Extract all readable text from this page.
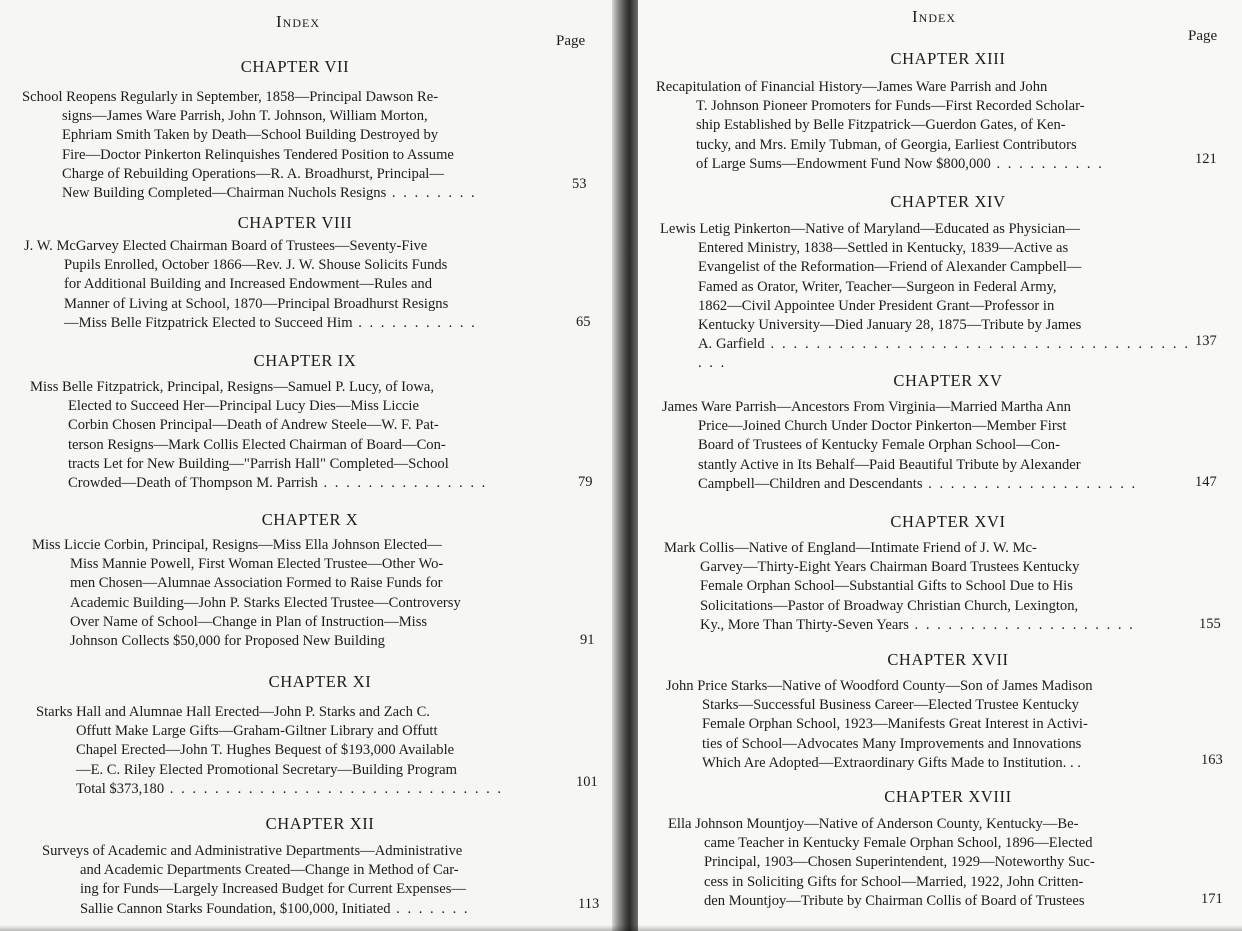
Index
Page
CHAPTER VII
School Reopens Regularly in September, 1858—Principal Dawson Re-
signs—James Ware Parrish, John T. Johnson, William Morton,
Ephriam Smith Taken by Death—School Building Destroyed by
Fire—Doctor Pinkerton Relinquishes Tendered Position to Assume
Charge of Rebuilding Operations—R. A. Broadhurst, Principal—
New Building Completed—Chairman Nuchols Resigns . . . . . . . .
53
CHAPTER VIII
J. W. McGarvey Elected Chairman Board of Trustees—Seventy-Five
Pupils Enrolled, October 1866—Rev. J. W. Shouse Solicits Funds
for Additional Building and Increased Endowment—Rules and
Manner of Living at School, 1870—Principal Broadhurst Resigns
—Miss Belle Fitzpatrick Elected to Succeed Him . . . . . . . . . . .	65
CHAPTER IX
Miss Belle Fitzpatrick, Principal, Resigns—Samuel P. Lucy, of Iowa,
Elected to Succeed Her—Principal Lucy Dies—Miss Liccie
Corbin Chosen Principal—Death of Andrew Steele—W. F. Pat-
terson Resigns—Mark Collis Elected Chairman of Board—Con-
tracts Let for New Building—"Parrish Hall" Completed—School
Crowded—Death of Thompson M. Parrish . . . . . . . . . . . . . . .	79
CHAPTER X
Miss Liccie Corbin, Principal, Resigns—Miss Ella Johnson Elected—
Miss Mannie Powell, First Woman Elected Trustee—Other Wo-
men Chosen—Alumnae Association Formed to Raise Funds for
Academic Building—John P. Starks Elected Trustee—Controversy
Over Name of School—Change in Plan of Instruction—Miss
Johnson Collects $50,000 for Proposed New Building	91
CHAPTER XI
Starks Hall and Alumnae Hall Erected—John P. Starks and Zach C.
Offutt Make Large Gifts—Graham-Giltner Library and Offutt
Chapel Erected—John T. Hughes Bequest of $193,000 Available
—E. C. Riley Elected Promotional Secretary—Building Program
Total $373,180 . . . . . . . . . . . . . . . . . . . . . . . . . . . . . .	101
CHAPTER XII
Surveys of Academic and Administrative Departments—Administrative
and Academic Departments Created—Change in Method of Car-
ing for Funds—Largely Increased Budget for Current Expenses—
Sallie Cannon Starks Foundation, $100,000, Initiated . . . . . . .	113
Index
Page
CHAPTER XIII
Recapitulation of Financial History—James Ware Parrish and John
T. Johnson Pioneer Promoters for Funds—First Recorded Scholar-
ship Established by Belle Fitzpatrick—Guerdon Gates, of Ken-
tucky, and Mrs. Emily Tubman, of Georgia, Earliest Contributors
of Large Sums—Endowment Fund Now $800,000 . . . . . . . . . .	121
CHAPTER XIV
Lewis Letig Pinkerton—Native of Maryland—Educated as Physician—
Entered Ministry, 1838—Settled in Kentucky, 1839—Active as
Evangelist of the Reformation—Friend of Alexander Campbell—
Famed as Orator, Writer, Teacher—Surgeon in Federal Army,
1862—Civil Appointee Under President Grant—Professor in
Kentucky University—Died January 28, 1875—Tribute by James
A. Garfield . . . . . . . . . . . . . . . . . . . . . . . . . . . . . . . . . . . . . . . .
137
CHAPTER XV
James Ware Parrish—Ancestors From Virginia—Married Martha Ann
Price—Joined Church Under Doctor Pinkerton—Member First
Board of Trustees of Kentucky Female Orphan School—Con-
stantly Active in Its Behalf—Paid Beautiful Tribute by Alexander
Campbell—Children and Descendants . . . . . . . . . . . . . . . . . . .	147
CHAPTER XVI
Mark Collis—Native of England—Intimate Friend of J. W. Mc-
Garvey—Thirty-Eight Years Chairman Board Trustees Kentucky
Female Orphan School—Substantial Gifts to School Due to His
Solicitations—Pastor of Broadway Christian Church, Lexington,
Ky., More Than Thirty-Seven Years . . . . . . . . . . . . . . . . . . . .	155
CHAPTER XVII
John Price Starks—Native of Woodford County—Son of James Madison
Starks—Successful Business Career—Elected Trustee Kentucky
Female Orphan School, 1923—Manifests Great Interest in Activi-
ties of School—Advocates Many Improvements and Innovations
Which Are Adopted—Extraordinary Gifts Made to Institution. . .	163
CHAPTER XVIII
Ella Johnson Mountjoy—Native of Anderson County, Kentucky—Be-
came Teacher in Kentucky Female Orphan School, 1896—Elected
Principal, 1903—Chosen Superintendent, 1929—Noteworthy Suc-
cess in Soliciting Gifts for School—Married, 1922, John Critten-
den Mountjoy—Tribute by Chairman Collis of Board of Trustees	171
